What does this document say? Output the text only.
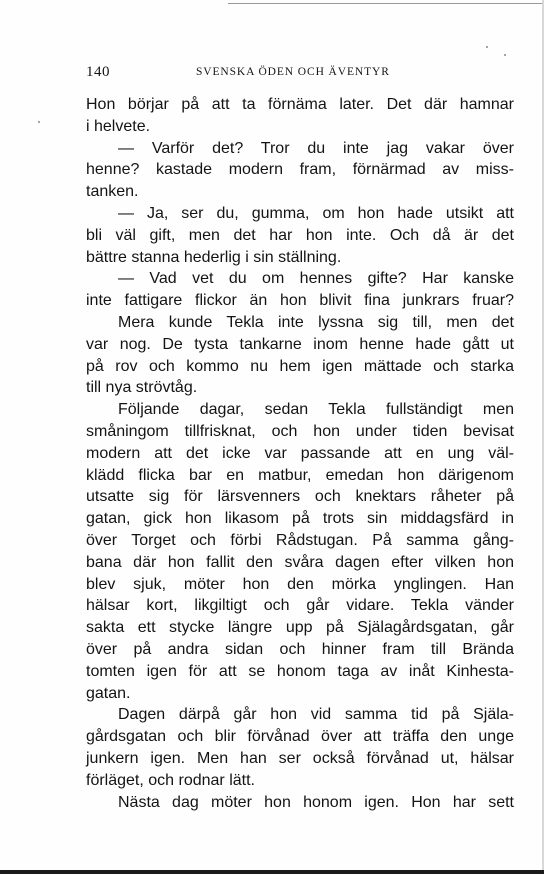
140	SVENSKA ÖDEN OCH ÄVENTYR
Hon börjar på att ta förnäma later. Det där hamnar
i helvete.
— Varför det? Tror du inte jag vakar över
henne? kastade modern fram, förnärmad av miss-
tanken.
— Ja, ser du, gumma, om hon hade utsikt att
bli väl gift, men det har hon inte. Och då är det
bättre stanna hederlig i sin ställning.
— Vad vet du om hennes gifte? Har kanske
inte fattigare flickor än hon blivit fina junkrars fruar?
Mera kunde Tekla inte lyssna sig till, men det
var nog. De tysta tankarne inom henne hade gått ut
på rov och kommo nu hem igen mättade och starka
till nya strövtåg.
Följande dagar, sedan Tekla fullständigt men
småningom tillfrisknat, och hon under tiden bevisat
modern att det icke var passande att en ung väl-
klädd flicka bar en matbur, emedan hon därigenom
utsatte sig för lärsvenners och knektars råheter på
gatan, gick hon likasom på trots sin middagsfärd in
över Torget och förbi Rådstugan. På samma gång-
bana där hon fallit den svåra dagen efter vilken hon
blev sjuk, möter hon den mörka ynglingen. Han
hälsar kort, likgiltigt och går vidare. Tekla vänder
sakta ett stycke längre upp på Själagårdsgatan, går
över på andra sidan och hinner fram till Brända
tomten igen för att se honom taga av inåt Kinhesta-
gatan.
Dagen därpå går hon vid samma tid på Själa-
gårdsgatan och blir förvånad över att träffa den unge
junkern igen. Men han ser också förvånad ut, hälsar
förläget, och rodnar lätt.
Nästa dag möter hon honom igen. Hon har sett
